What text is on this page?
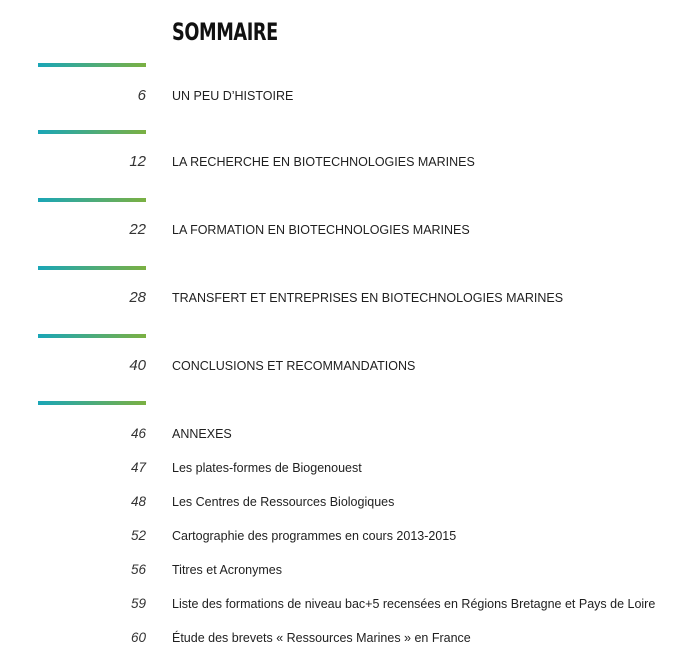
SOMMAIRE
6 UN PEU D’HISTOIRE
12 LA RECHERCHE EN BIOTECHNOLOGIES MARINES
22 LA FORMATION EN BIOTECHNOLOGIES MARINES
28 TRANSFERT ET ENTREPRISES EN BIOTECHNOLOGIES MARINES
40 CONCLUSIONS ET RECOMMANDATIONS
46 ANNEXES
47 Les plates-formes de Biogenouest
48 Les Centres de Ressources Biologiques
52 Cartographie des programmes en cours 2013-2015
56 Titres et Acronymes
59 Liste des formations de niveau bac+5 recensées en Régions Bretagne et Pays de Loire
60 Étude des brevets « Ressources Marines » en France
